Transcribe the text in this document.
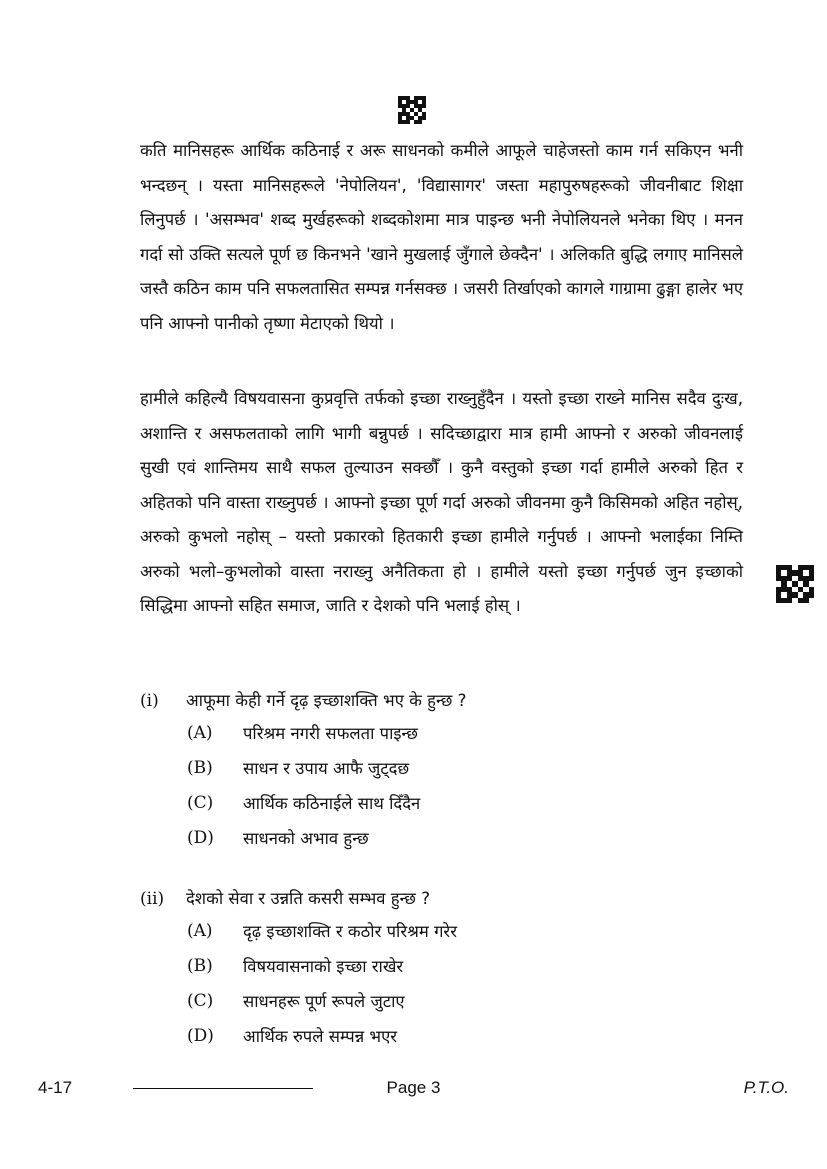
कति मानिसहरू आर्थिक कठिनाई र अरू साधनको कमीले आफूले चाहेजस्तो काम गर्न सकिएन भनी भन्दछन् । यस्ता मानिसहरूले 'नेपोलियन', 'विद्यासागर' जस्ता महापुरुषहरूको जीवनीबाट शिक्षा लिनुपर्छ । 'असम्भव' शब्द मुर्खहरूको शब्दकोशमा मात्र पाइन्छ भनी नेपोलियनले भनेका थिए । मनन गर्दा सो उक्ति सत्यले पूर्ण छ किनभने 'खाने मुखलाई जुँगाले छेक्दैन' । अलिकति बुद्धि लगाए मानिसले जस्तै कठिन काम पनि सफलतासित सम्पन्न गर्नसक्छ । जसरी तिर्खाएको कागले गाग्रामा ढुङ्गा हालेर भए पनि आफ्नो पानीको तृष्णा मेटाएको थियो ।
हामीले कहिल्यै विषयवासना कुप्रवृत्ति तर्फको इच्छा राख्नुहुँदैन । यस्तो इच्छा राख्ने मानिस सदैव दुःख, अशान्ति र असफलताको लागि भागी बन्नुपर्छ । सदिच्छाद्वारा मात्र हामी आफ्नो र अरुको जीवनलाई सुखी एवं शान्तिमय साथै सफल तुल्याउन सक्छौँ । कुनै वस्तुको इच्छा गर्दा हामीले अरुको हित र अहितको पनि वास्ता राख्नुपर्छ । आफ्नो इच्छा पूर्ण गर्दा अरुको जीवनमा कुनै किसिमको अहित नहोस्, अरुको कुभलो नहोस् – यस्तो प्रकारको हितकारी इच्छा हामीले गर्नुपर्छ । आफ्नो भलाईका निम्ति अरुको भलो–कुभलोको वास्ता नराख्नु अनैतिकता हो । हामीले यस्तो इच्छा गर्नुपर्छ जुन इच्छाको सिद्धिमा आफ्नो सहित समाज, जाति र देशको पनि भलाई होस् ।
(i) आफूमा केही गर्ने दृढ़ इच्छाशक्ति भए के हुन्छ ?
(A) परिश्रम नगरी सफलता पाइन्छ
(B) साधन र उपाय आफै जुट्दछ
(C) आर्थिक कठिनाईले साथ दिँदैन
(D) साधनको अभाव हुन्छ
(ii) देशको सेवा र उन्नति कसरी सम्भव हुन्छ ?
(A) दृढ़ इच्छाशक्ति र कठोर परिश्रम गरेर
(B) विषयवासनाको इच्छा राखेर
(C) साधनहरू पूर्ण रूपले जुटाए
(D) आर्थिक रुपले सम्पन्न भएर
4-17	Page 3	P.T.O.
